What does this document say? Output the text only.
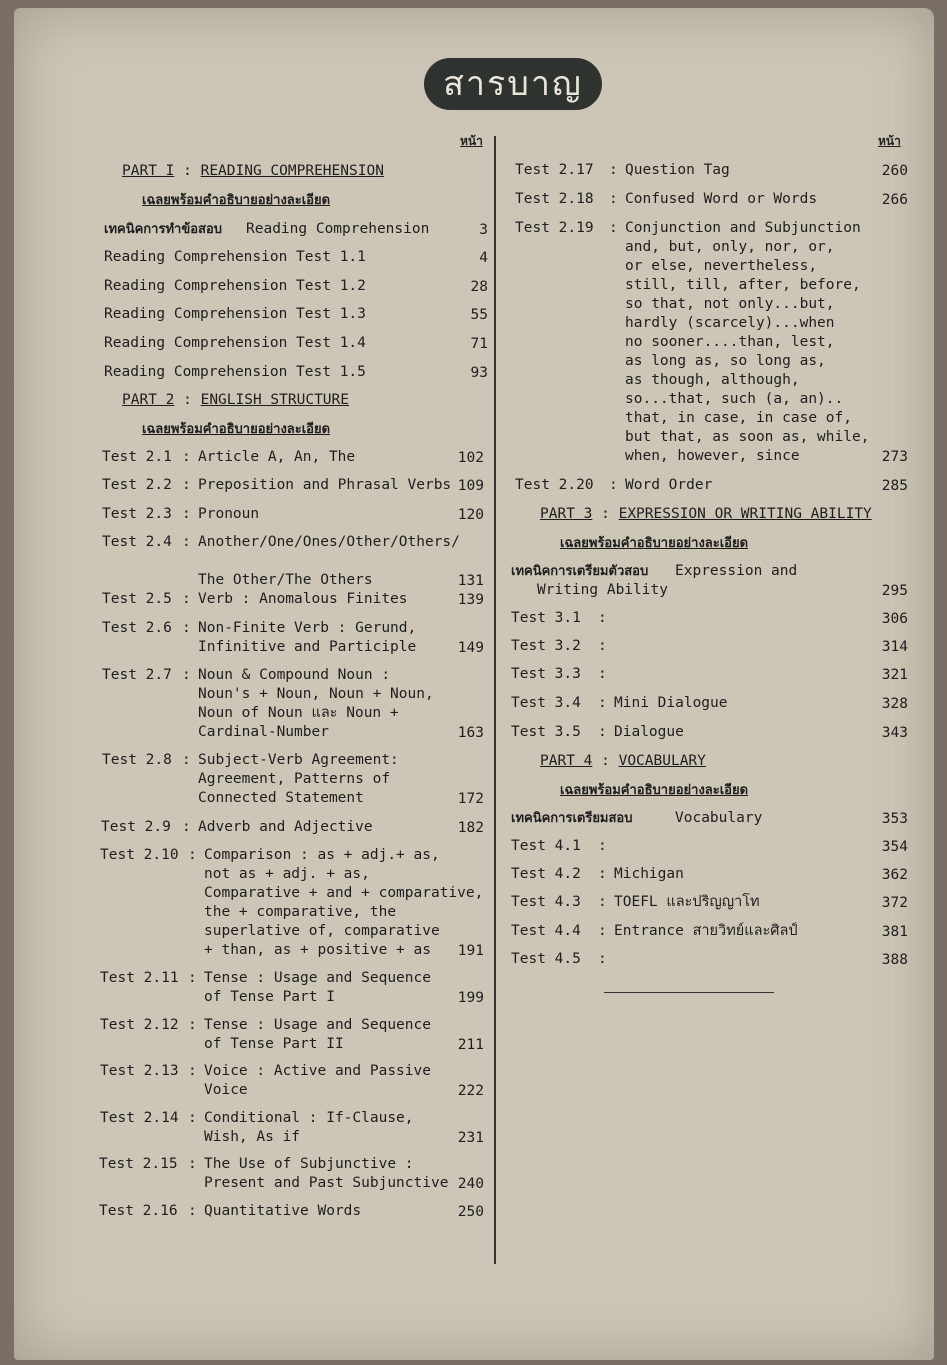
สารบาญ
หน้า	หน้า
PART I : READING COMPREHENSION
เฉลยพร้อมคำอธิบายอย่างละเอียด
เทคนิคการทำข้อสอบ Reading Comprehension	3
Reading Comprehension Test 1.1	4
Reading Comprehension Test 1.2	28
Reading Comprehension Test 1.3	55
Reading Comprehension Test 1.4	71
Reading Comprehension Test 1.5	93
PART 2 : ENGLISH STRUCTURE
เฉลยพร้อมคำอธิบายอย่างละเอียด
Test 2.1 : Article A, An, The	102
Test 2.2 : Preposition and Phrasal Verbs 109
Test 2.3 : Pronoun	120
Test 2.4 : Another/One/Ones/Other/Others/
The Other/The Others	131
Test 2.5 : Verb : Anomalous Finites	139
Test 2.6 : Non-Finite Verb : Gerund,
Infinitive and Participle	149
Test 2.7 : Noun & Compound Noun :
Noun's + Noun, Noun + Noun,
Noun of Noun และ Noun +
Cardinal-Number	163
Test 2.8 : Subject-Verb Agreement:
Agreement, Patterns of
Connected Statement	172
Test 2.9 : Adverb and Adjective	182
Test 2.10 : Comparison : as + adj.+ as,
not as + adj. + as,
Comparative + and + comparative,
the + comparative, the
superlative of, comparative
+ than, as + positive + as	191
Test 2.11 : Tense : Usage and Sequence
of Tense Part I	199
Test 2.12 : Tense : Usage and Sequence
of Tense Part II	211
Test 2.13 : Voice : Active and Passive
Voice	222
Test 2.14 : Conditional : If-Clause,
Wish, As if	231
Test 2.15 : The Use of Subjunctive :
Present and Past Subjunctive 240
Test 2.16 : Quantitative Words	250
Test 2.17 : Question Tag	260
Test 2.18 : Confused Word or Words	266
Test 2.19 : Conjunction and Subjunction
and, but, only, nor, or,
or else, nevertheless,
still, till, after, before,
so that, not only...but,
hardly (scarcely)...when
no sooner....than, lest,
as long as, so long as,
as though, although,
so...that, such (a, an)..
that, in case, in case of,
but that, as soon as, while,
when, however, since	273
Test 2.20 : Word Order	285
PART 3 : EXPRESSION OR WRITING ABILITY
เฉลยพร้อมคำอธิบายอย่างละเอียด
เทคนิคการเตรียมตัวสอบ Expression and
Writing Ability	295
Test 3.1 :	306
Test 3.2 :	314
Test 3.3 :	321
Test 3.4 : Mini Dialogue	328
Test 3.5 : Dialogue	343
PART 4 : VOCABULARY
เฉลยพร้อมคำอธิบายอย่างละเอียด
เทคนิคการเตรียมสอบ	Vocabulary	353
Test 4.1 :	354
Test 4.2 : Michigan	362
Test 4.3 : TOEFL และปริญญาโท	372
Test 4.4 : Entrance สายวิทย์และศิลป์	381
Test 4.5 :	388
